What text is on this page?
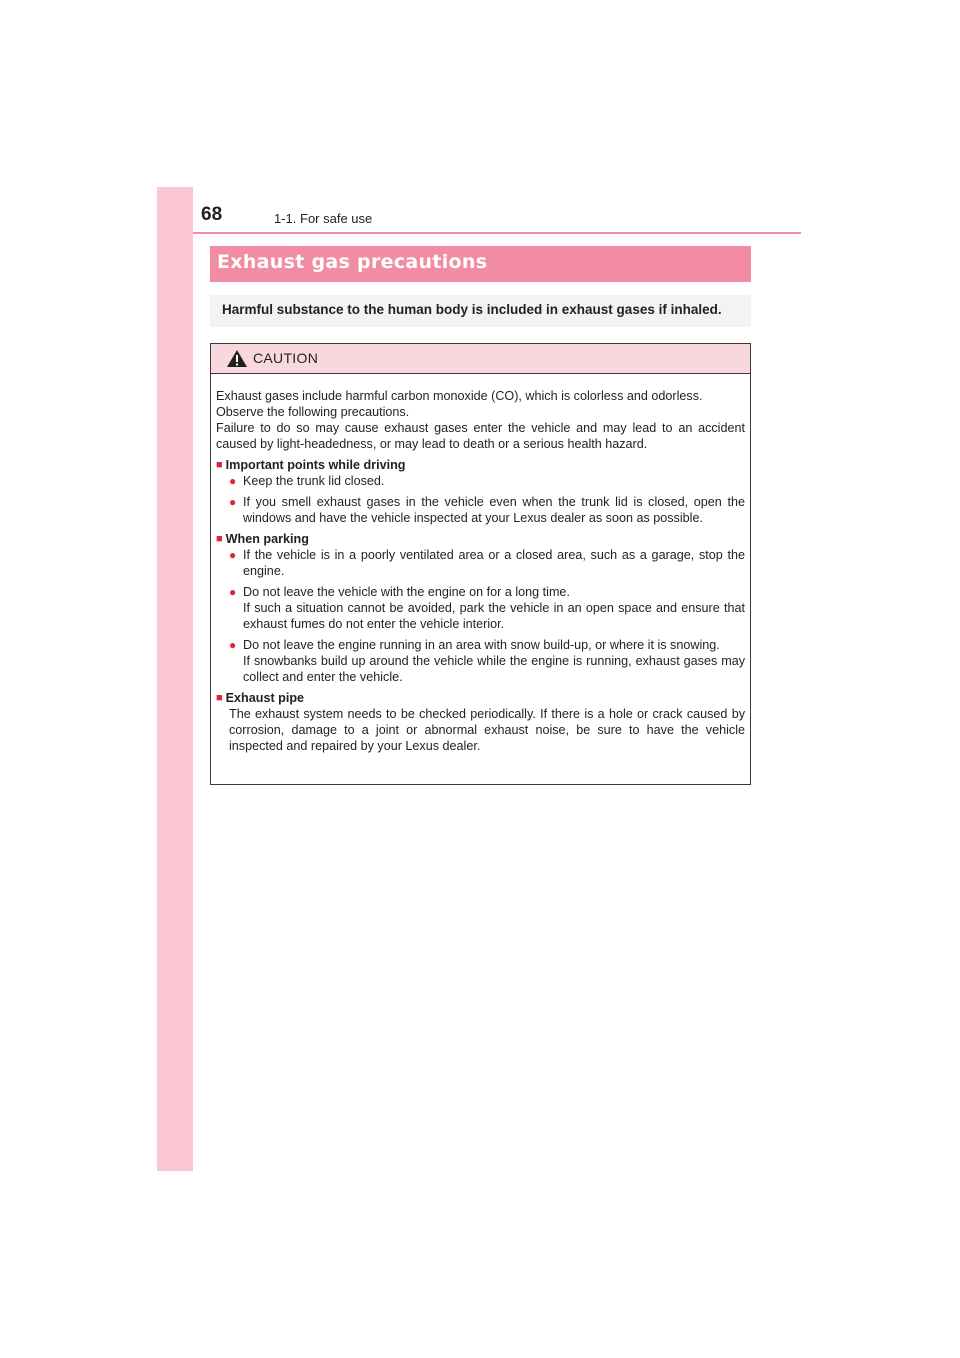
68	1-1. For safe use
Exhaust gas precautions
Harmful substance to the human body is included in exhaust gases if inhaled.
CAUTION

Exhaust gases include harmful carbon monoxide (CO), which is colorless and odorless.

Observe the following precautions.

Failure to do so may cause exhaust gases enter the vehicle and may lead to an accident caused by light-headedness, or may lead to death or a serious health hazard.

■ Important points while driving

● Keep the trunk lid closed.

● If you smell exhaust gases in the vehicle even when the trunk lid is closed, open the windows and have the vehicle inspected at your Lexus dealer as soon as possible.

■ When parking

● If the vehicle is in a poorly ventilated area or a closed area, such as a garage, stop the engine.

● Do not leave the vehicle with the engine on for a long time.

If such a situation cannot be avoided, park the vehicle in an open space and ensure that exhaust fumes do not enter the vehicle interior.

● Do not leave the engine running in an area with snow build-up, or where it is snowing.

If snowbanks build up around the vehicle while the engine is running, exhaust gases may collect and enter the vehicle.

■ Exhaust pipe

The exhaust system needs to be checked periodically. If there is a hole or crack caused by corrosion, damage to a joint or abnormal exhaust noise, be sure to have the vehicle inspected and repaired by your Lexus dealer.
